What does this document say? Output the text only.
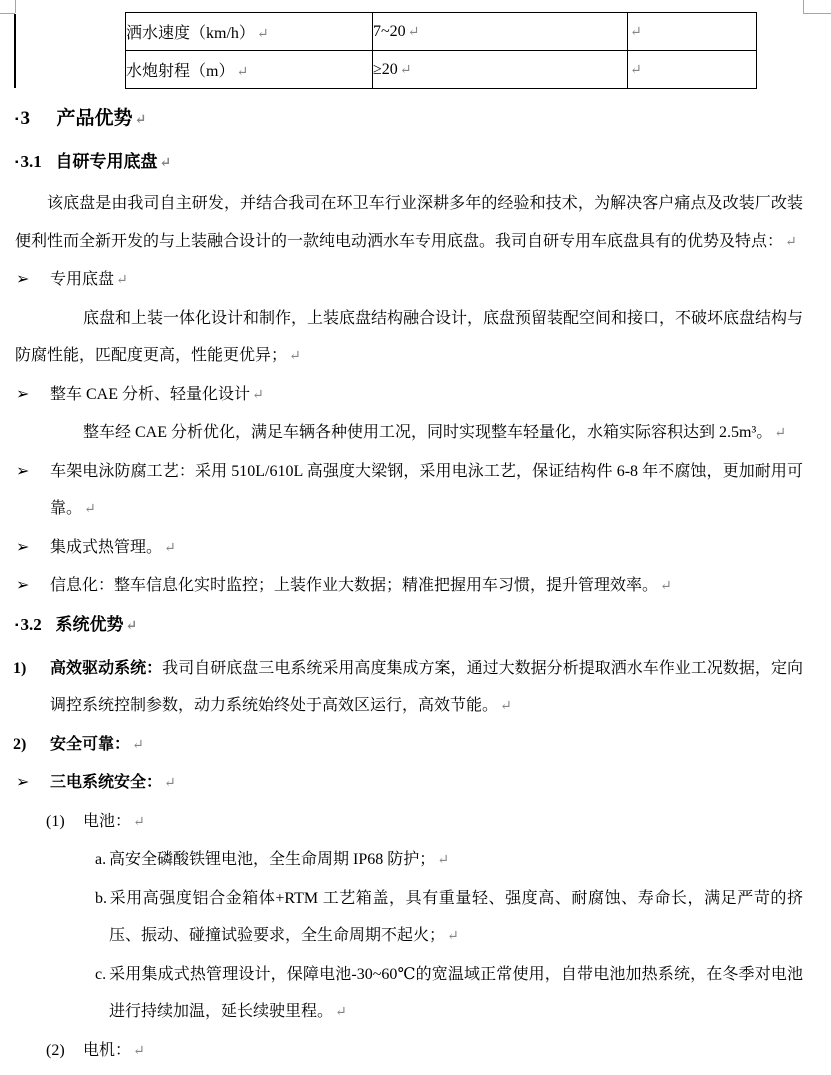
洒水速度（km/h） ↵	7~20 ↵	↵
水炮射程（m） ↵	≥20 ↵	↵
▪ 3 产品优势 ↵
▪ 3.1 自研专用底盘 ↵
该底盘是由我司自主研发，并结合我司在环卫车行业深耕多年的经验和技术，为解决客户痛点及改装厂改装便利性而全新开发的与上装融合设计的一款纯电动洒水车专用底盘。我司自研专用车底盘具有的优势及特点： ↵
➢ 专用底盘 ↵
底盘和上装一体化设计和制作，上装底盘结构融合设计，底盘预留装配空间和接口，不破坏底盘结构与防腐性能，匹配度更高，性能更优异； ↵
➢ 整车 CAE 分析、轻量化设计 ↵
整车经 CAE 分析优化，满足车辆各种使用工况，同时实现整车轻量化，水箱实际容积达到 2.5m³。 ↵
➢ 车架电泳防腐工艺：采用 510L/610L 高强度大梁钢，采用电泳工艺，保证结构件 6-8 年不腐蚀，更加耐用可靠。 ↵
➢ 集成式热管理。 ↵
➢ 信息化：整车信息化实时监控；上装作业大数据；精准把握用车习惯，提升管理效率。 ↵
▪ 3.2 系统优势 ↵
1) 高效驱动系统：我司自研底盘三电系统采用高度集成方案，通过大数据分析提取洒水车作业工况数据，定向调控系统控制参数，动力系统始终处于高效区运行，高效节能。 ↵
2) 安全可靠： ↵
➢ 三电系统安全： ↵
(1) 电池： ↵
a. 高安全磷酸铁锂电池，全生命周期 IP68 防护； ↵
b. 采用高强度铝合金箱体+RTM 工艺箱盖，具有重量轻、强度高、耐腐蚀、寿命长，满足严苛的挤压、振动、碰撞试验要求，全生命周期不起火； ↵
c. 采用集成式热管理设计，保障电池-30~60℃的宽温域正常使用，自带电池加热系统，在冬季对电池进行持续加温，延长续驶里程。 ↵
(2) 电机： ↵
